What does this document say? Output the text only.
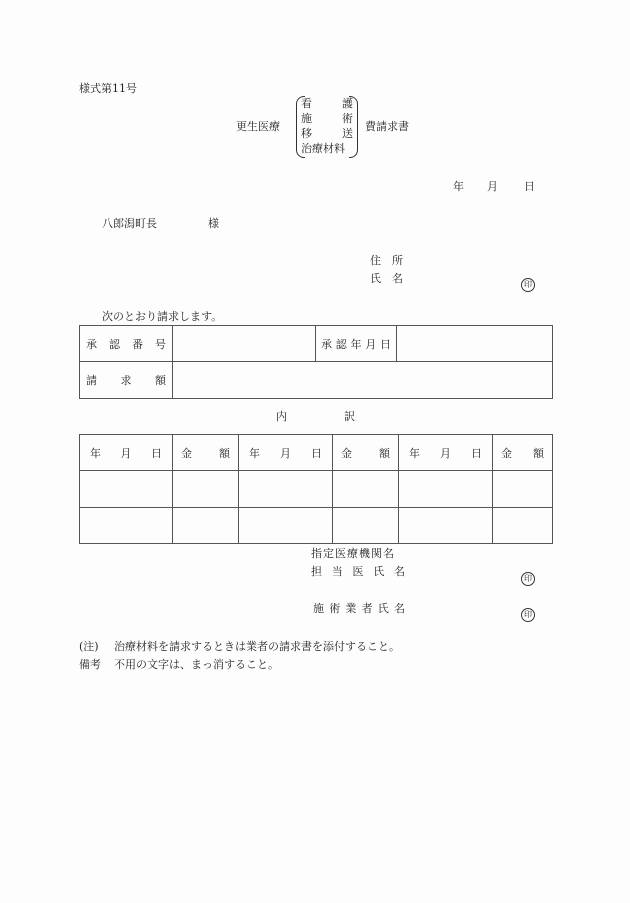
様式第11号
更生医療
看	護
施	術
移	送
治療材料
費請求書
年 月 日
八郎潟町長	様
住 所
氏 名	印
次のとおり請求します。
承 認 番 号		承 認 年 月 日	

請 求 額			

内	訳
年 月 日	金 額	年 月 日	金 額	年 月 日	金 額

指定医療機関名
担 当 医 氏 名
印
施 術 業 者 氏 名	印
(注) 治療材料を請求するときは業者の請求書を添付すること。
備考 不用の文字は、まっ消すること。
